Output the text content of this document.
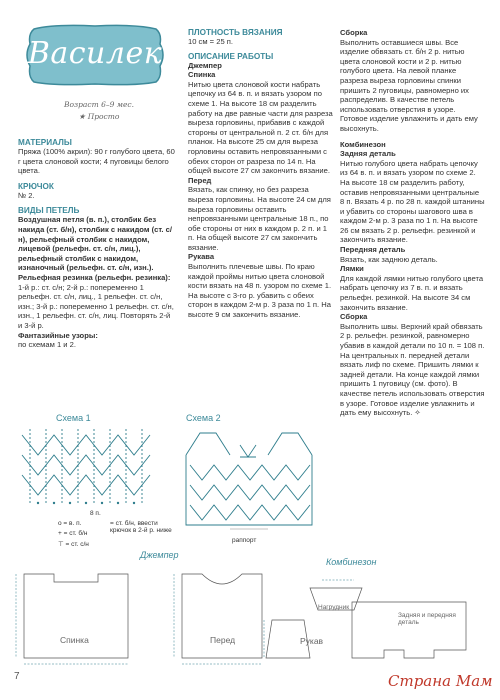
Василек
Возраст 6–9 мес.
★ Просто

МАТЕРИАЛЫ

Пряжа (100% акрил): 90 г голубого цвета, 60 г цвета слоновой кости; 4 пуговицы белого цвета.

КРЮЧОК

№ 2.

ВИДЫ ПЕТЕЛЬ

Воздушная петля (в. п.), столбик без накида (ст. б/н), столбик с накидом (ст. с/н), рельефный столбик с накидом, лицевой (рельефн. ст. с/н, лиц.), рельефный столбик с накидом, изнаночный (рельефн. ст. с/н, изн.).

Рельефная резинка (рельефн. резинка):

1-й р.: ст. с/н; 2-й р.: попеременно 1 рельефн. ст. с/н, лиц., 1 рельефн. ст. с/н, изн.; 3-й р.: попеременно 1 рельефн. ст. с/н, изн., 1 рельефн. ст. с/н, лиц. Повторять 2-й и 3-й р.

Фантазийные узоры:

по схемам 1 и 2.

ПЛОТНОСТЬ ВЯЗАНИЯ

10 см = 25 п.

ОПИСАНИЕ РАБОТЫ

Джемпер

Спинка

Нитью цвета слоновой кости набрать цепочку из 64 в. п. и вязать узором по схеме 1. На высоте 18 см разделить работу на две равные части для разреза выреза горловины, прибавив с каждой стороны от центральной п. 2 ст. б/н для планок. На высоте 25 см для выреза горловины оставить непровязанными с обеих сторон от разреза по 14 п. На общей высоте 27 см закончить вязание.

Перед

Вязать, как спинку, но без разреза выреза горловины. На высоте 24 см для выреза горловины оставить непровязанными центральные 18 п., по обе стороны от них в каждом р. 2 п. и 1 п. На общей высоте 27 см закончить вязание.

Рукава

Выполнить плечевые швы. По краю каждой проймы нитью цвета слоновой кости вязать на 48 п. узором по схеме 1. На высоте с 3-го р. убавить с обеих сторон в каждом 2-м р. 3 раза по 1 п. На высоте 9 см закончить вязание.

Сборка

Выполнить оставшиеся швы. Все изделие обвязать ст. б/н 2 р. нитью цвета слоновой кости и 2 р. нитью голубого цвета. На левой планке разреза выреза горловины спинки пришить 2 пуговицы, равномерно их распределив. В качестве петель использовать отверстия в узоре. Готовое изделие увлажнить и дать ему высохнуть.

Комбинезон

Задняя деталь

Нитью голубого цвета набрать цепочку из 64 в. п. и вязать узором по схеме 2. На высоте 18 см разделить работу, оставив непровязанными центральные 8 п. Вязать 4 р. по 28 п. каждой штанины и убавить со стороны шагового шва в каждом 2-м р. 3 раза по 1 п. На высоте 26 см вязать 2 р. рельефн. резинкой и закончить вязание.

Передняя деталь

Вязать, как заднюю деталь.

Лямки

Для каждой лямки нитью голубого цвета набрать цепочку из 7 в. п. и вязать рельефн. резинкой. На высоте 34 см закончить вязание.

Сборка

Выполнить швы. Верхний край обвязать 2 р. рельефн. резинкой, равномерно убавив в каждой детали по 10 п. = 108 п. На центральных п. передней детали вязать лиф по схеме. Пришить лямки к задней детали. На конце каждой лямки пришить 1 пуговицу (см. фото). В качестве петель использовать отверстия в узоре. Готовое изделие увлажнить и дать ему высохнуть. ✧

Схема 1	Схема 2
8 п.
раппорт
о = в. п.
+ = ст. б/н
⊤ = ст. с/н
= ст. б/н, ввести крючок в 2-й р. ниже
Джемпер
Комбинезон
Спинка	Перед	Рукав
Нагрудник
Задняя и передняя деталь
7	Страна Мам
